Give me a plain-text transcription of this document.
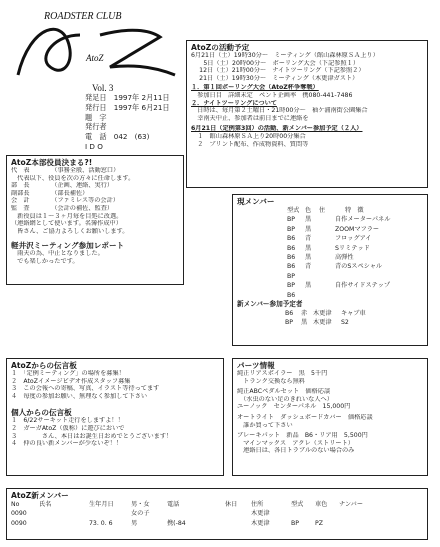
ROADSTER CLUB
AtoZ
Vol. 3
発足日　1997年 2月11日
発行日　1997年 6月21日
題　字
発行者
電　話　042　(63)
I D O
AtoZの活動予定
6月21日（土）19時30分〜　ミーティング（館山森林原ＳＡ上り）
　　5日（土）20時00分〜　ボーリング大会（下記参照１）
　 12日（土）21時00分〜　ナイトツーリング（下記参照２）
　 21日（土）19時30分〜　ミーティング（木更津ガスト）
１．第１回ボーリング大会（AtoZ杯争奪戦）
　参加日目　詳細未定　ペント企画率　携080-441-7486
２．ナイトツーリングについて
　日時は、毎月第２土曜日・21時00分〜　袖ケ浦南街公園集合
　幸南天中止、参加者は前日までに連絡を
6月21日（定例第3回）の活動、新メンバー参加予定（２人）
　１　館山森林原ＳＡ上り20時00分集合
　２　プリント配布、作成物資料、質問等
AtoZ本部役員決まる?!
代　表　　　　（事務全般、活動窓口）
　代表以下、役員を次の方々に任命します。
部　長　　　　（企画、連絡、実行）
副部長　　　　（部長補佐）
会　計　　　　（ファミレス等の会計）
監　査　　　　（会計の補佐、監査）
　新役員は１〜３ヶ月毎を目処に改選。
（連絡網として使います。名簿作成中）
　皆さん、ご協力よろしくお願いします。
軽井沢ミーティング参加レポート
　雨天の為、中止となりました。
　でも楽しかったです。
現メンバー
		型式	色	住	特　徴
		BP	黒		自作メーターパネル
		BP	黒		ZOOMマフラー
		B6	青		フロッグアイ
		B6	黒		Sリミテッド
		B6	黒		高弾性
		B6	青		青のSスペシャル
		BP			

		BP	黒		自作サイドステップ
		B6			
新メンバー参加予定者
	B6	赤	木更津	キャブ車
	BP	黒	木更津	S2
AtoZからの伝言板
１　「定例ミーティング」の場所を募集！
２　AtoZイメージビデオ作成スタッフ募集
３　この会報への寄稿、写真、イラスト等待ってます
４　毎度の参加お願い、無理なく参加して下さい
個人からの伝言板
１　6/22サーキット走行をしますよ！！
２　ガーガAtoZ（仮称）に遊びにおいで
３　　　　さん、本日はお誕生日おめでとうございます！
４　仲の良い新メンバーが少ないぞ！！
パーツ情報
純正リアスポイラー　黒　5千円
　トランク交換なら無料
純正ABCペダルセット　価格応談
　（水虫のない足のきれいな人へ）
ユーノック　センターパネル　15,000円
オートライト　ダッシュボードカバー　価格応談
　誰か買って下さい
ブレーキパット　新品　B6・リア用　5,500円
　マインマックス　アクレ（ストリート）
　連絡日は、各日トラブルのない場合のみ
AtoZ新メンバー
No	氏名	生年月日	男・女	電話	休日	住所	型式	車色	ナンバー
0090			女の子			木更津			
0090		73. 0. 6	男	携(-84		木更津	BP	PZ	
